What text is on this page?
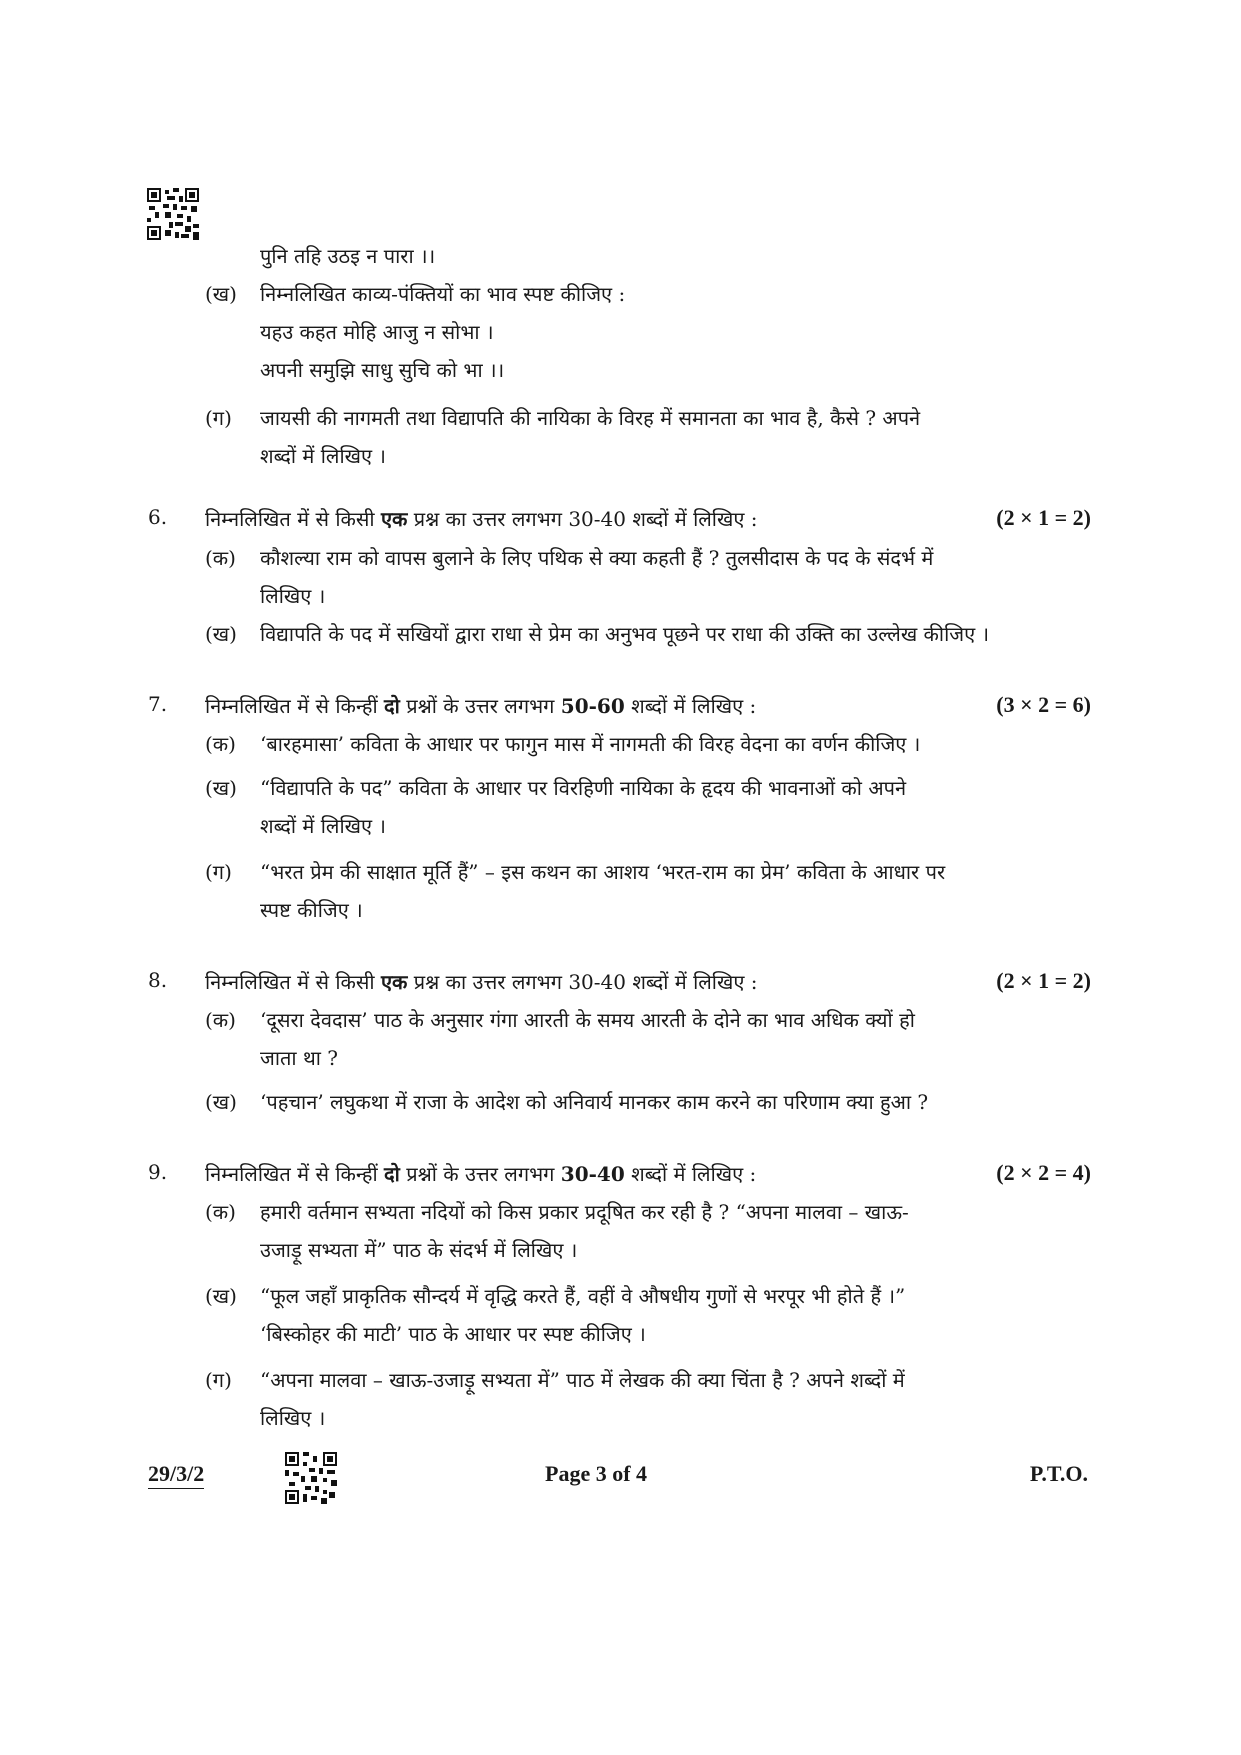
पुनि तहि उठइ न पारा ।।
(ख) निम्नलिखित काव्य-पंक्तियों का भाव स्पष्ट कीजिए :
यहउ कहत मोहि आजु न सोभा ।
अपनी समुझि साधु सुचि को भा ।।
(ग) जायसी की नागमती तथा विद्यापति की नायिका के विरह में समानता का भाव है, कैसे ? अपने
शब्दों में लिखिए ।
6. निम्नलिखित में से किसी एक प्रश्न का उत्तर लगभग 30-40 शब्दों में लिखिए :	(2 × 1 = 2)
(क) कौशल्या राम को वापस बुलाने के लिए पथिक से क्या कहती हैं ? तुलसीदास के पद के संदर्भ में
लिखिए ।
(ख) विद्यापति के पद में सखियों द्वारा राधा से प्रेम का अनुभव पूछने पर राधा की उक्ति का उल्लेख कीजिए ।
7. निम्नलिखित में से किन्हीं दो प्रश्नों के उत्तर लगभग 50-60 शब्दों में लिखिए :	(3 × 2 = 6)
(क) ‘बारहमासा’ कविता के आधार पर फागुन मास में नागमती की विरह वेदना का वर्णन कीजिए ।
(ख) “विद्यापति के पद” कविता के आधार पर विरहिणी नायिका के हृदय की भावनाओं को अपने
शब्दों में लिखिए ।
(ग) “भरत प्रेम की साक्षात मूर्ति हैं” – इस कथन का आशय ‘भरत-राम का प्रेम’ कविता के आधार पर
स्पष्ट कीजिए ।
8. निम्नलिखित में से किसी एक प्रश्न का उत्तर लगभग 30-40 शब्दों में लिखिए :	(2 × 1 = 2)
(क) ‘दूसरा देवदास’ पाठ के अनुसार गंगा आरती के समय आरती के दोने का भाव अधिक क्यों हो
जाता था ?
(ख) ‘पहचान’ लघुकथा में राजा के आदेश को अनिवार्य मानकर काम करने का परिणाम क्या हुआ ?
9. निम्नलिखित में से किन्हीं दो प्रश्नों के उत्तर लगभग 30-40 शब्दों में लिखिए :	(2 × 2 = 4)
(क) हमारी वर्तमान सभ्यता नदियों को किस प्रकार प्रदूषित कर रही है ? “अपना मालवा – खाऊ-
उजाड़ू सभ्यता में” पाठ के संदर्भ में लिखिए ।
(ख) “फूल जहाँ प्राकृतिक सौन्दर्य में वृद्धि करते हैं, वहीं वे औषधीय गुणों से भरपूर भी होते हैं ।”
‘बिस्कोहर की माटी’ पाठ के आधार पर स्पष्ट कीजिए ।
(ग) “अपना मालवा – खाऊ-उजाड़ू सभ्यता में” पाठ में लेखक की क्या चिंता है ? अपने शब्दों में
लिखिए ।
29/3/2	Page 3 of 4	P.T.O.
